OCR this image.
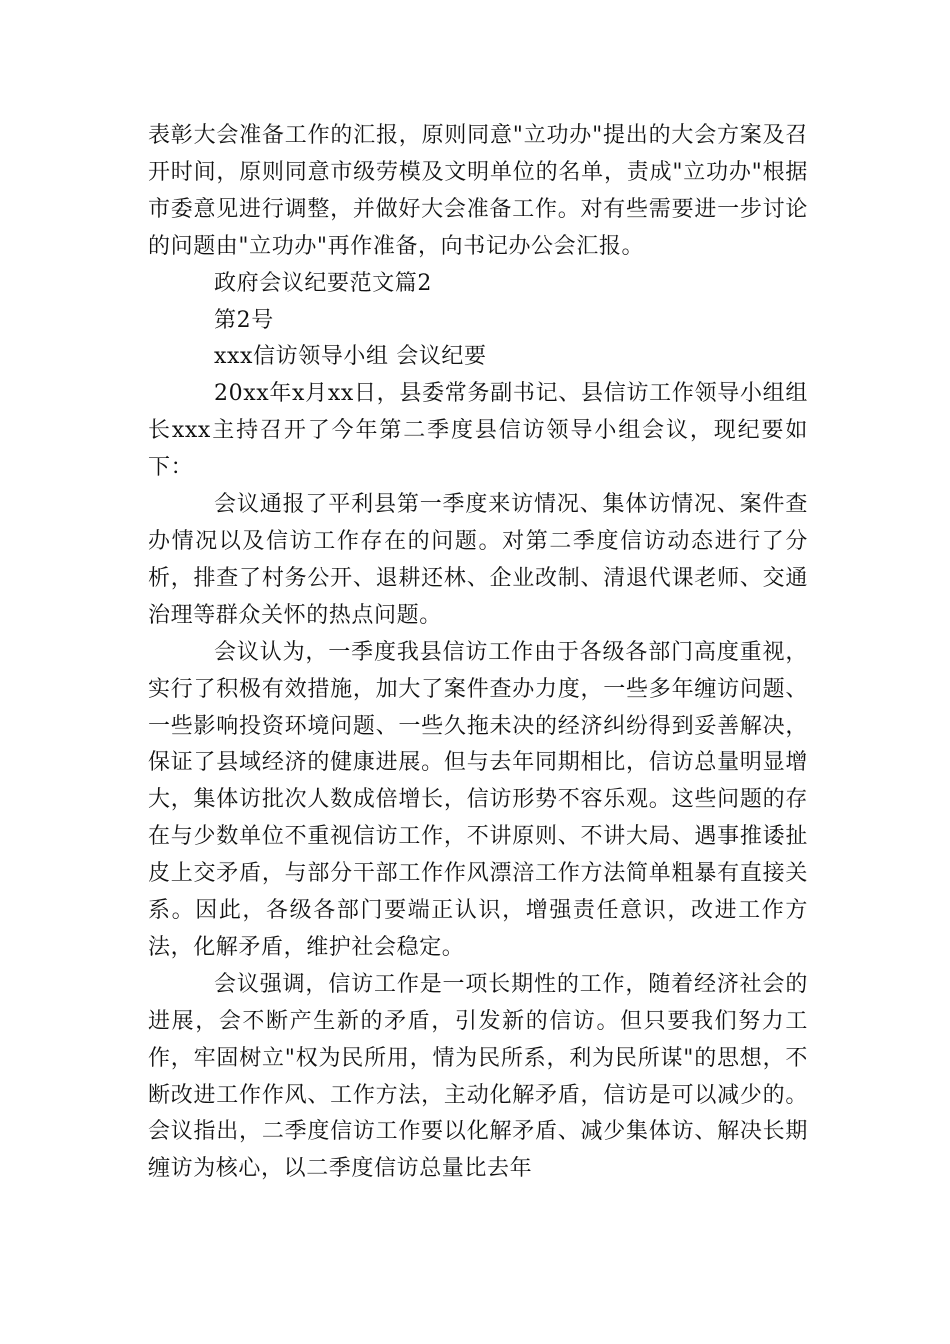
表彰大会准备工作的汇报，原则同意"立功办"提出的大会方案及召开时间，原则同意市级劳模及文明单位的名单，责成"立功办"根据市委意见进行调整，并做好大会准备工作。对有些需要进一步讨论的问题由"立功办"再作准备，向书记办公会汇报。

政府会议纪要范文篇2

第2号

xxx信访领导小组 会议纪要

20xx年x月xx日，县委常务副书记、县信访工作领导小组组长xxx主持召开了今年第二季度县信访领导小组会议，现纪要如下：

会议通报了平利县第一季度来访情况、集体访情况、案件查办情况以及信访工作存在的问题。对第二季度信访动态进行了分析，排查了村务公开、退耕还林、企业改制、清退代课老师、交通治理等群众关怀的热点问题。

会议认为，一季度我县信访工作由于各级各部门高度重视，实行了积极有效措施，加大了案件查办力度，一些多年缠访问题、一些影响投资环境问题、一些久拖未决的经济纠纷得到妥善解决，保证了县域经济的健康进展。但与去年同期相比，信访总量明显增大，集体访批次人数成倍增长，信访形势不容乐观。这些问题的存在与少数单位不重视信访工作，不讲原则、不讲大局、遇事推诿扯皮上交矛盾，与部分干部工作作风漂涪工作方法简单粗暴有直接关系。因此，各级各部门要端正认识，增强责任意识，改进工作方法，化解矛盾，维护社会稳定。

会议强调，信访工作是一项长期性的工作，随着经济社会的进展，会不断产生新的矛盾，引发新的信访。但只要我们努力工作，牢固树立"权为民所用，情为民所系，利为民所谋"的思想，不断改进工作作风、工作方法，主动化解矛盾，信访是可以减少的。会议指出，二季度信访工作要以化解矛盾、减少集体访、解决长期缠访为核心，以二季度信访总量比去年
